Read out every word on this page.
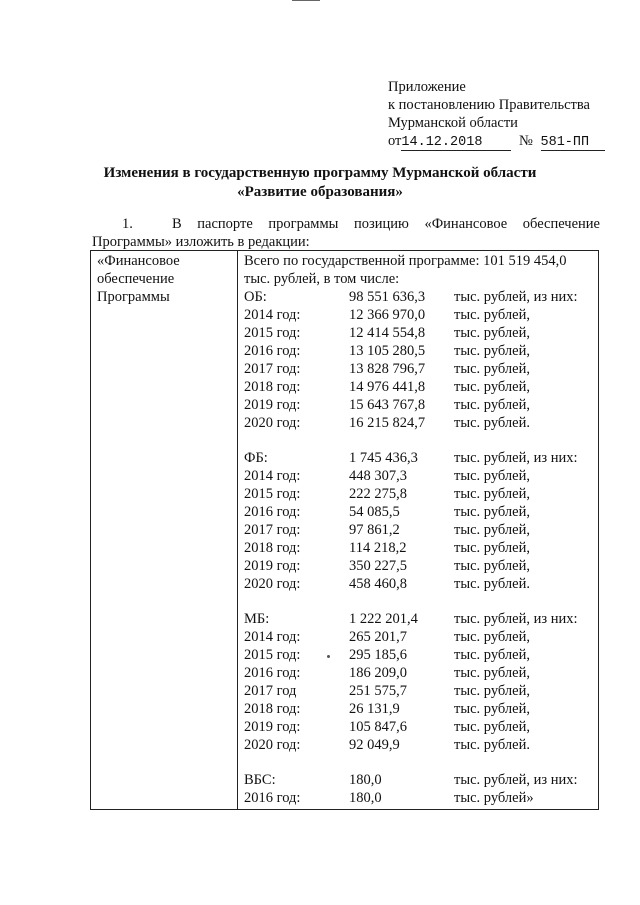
Приложение
к постановлению Правительства
Мурманской области
от14.12.2018	№ 581-ПП
Изменения в государственную программу Мурманской области
«Развитие образования»
1.	В паспорте программы позицию «Финансовое обеспечение
Программы» изложить в редакции:
«Финансовое
обеспечение
Программы

Всего по государственной программе: 101 519 454,0
тыс. рублей, в том числе:
ОБ:	98 551 636,3	тыс. рублей, из них:
2014 год:	12 366 970,0	тыс. рублей,
2015 год:	12 414 554,8	тыс. рублей,
2016 год:	13 105 280,5	тыс. рублей,
2017 год:	13 828 796,7	тыс. рублей,
2018 год:	14 976 441,8	тыс. рублей,
2019 год:	15 643 767,8	тыс. рублей,
2020 год:	16 215 824,7	тыс. рублей.
ФБ:	1 745 436,3	тыс. рублей, из них:
2014 год:	448 307,3	тыс. рублей,
2015 год:	222 275,8	тыс. рублей,
2016 год:	54 085,5	тыс. рублей,
2017 год:	97 861,2	тыс. рублей,
2018 год:	114 218,2	тыс. рублей,
2019 год:	350 227,5	тыс. рублей,
2020 год:	458 460,8	тыс. рублей.
МБ:	1 222 201,4	тыс. рублей, из них:
2014 год:	265 201,7	тыс. рублей,
2015 год:	295 185,6	тыс. рублей,
2016 год:	186 209,0	тыс. рублей,
2017 год	251 575,7	тыс. рублей,
2018 год:	26 131,9	тыс. рублей,
2019 год:	105 847,6	тыс. рублей,
2020 год:	92 049,9	тыс. рублей.
ВБС:	180,0	тыс. рублей, из них:
2016 год:	180,0	тыс. рублей»
